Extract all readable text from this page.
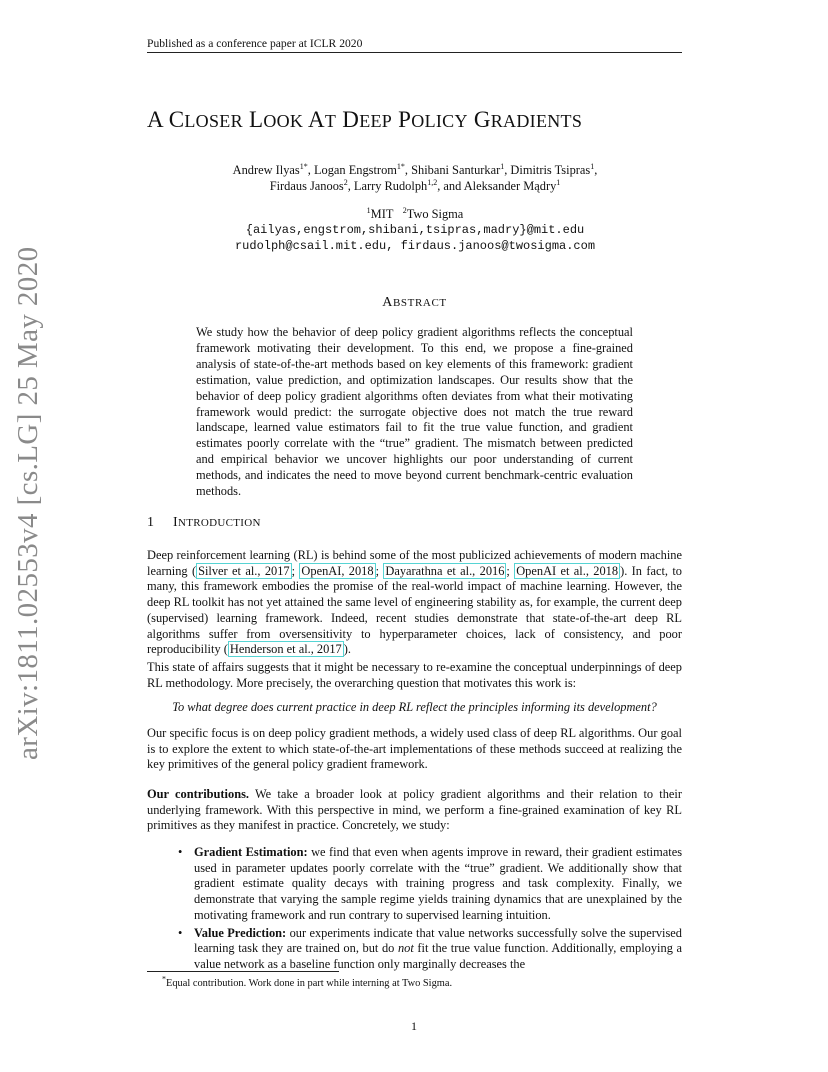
Published as a conference paper at ICLR 2020
arXiv:1811.02553v4 [cs.LG] 25 May 2020
A CLOSER LOOK AT DEEP POLICY GRADIENTS
Andrew Ilyas$^{1*}$, Logan Engstrom$^{1*}$, Shibani Santurkar$^1$, Dimitris Tsipras$^1$,
Firdaus Janoos$^2$, Larry Rudolph$^{1,2}$, and Aleksander Mądry$^1$
$^1$MIT $^2$Two Sigma
{ailyas,engstrom,shibani,tsipras,madry}@mit.edu
rudolph@csail.mit.edu, firdaus.janoos@twosigma.com
ABSTRACT
We study how the behavior of deep policy gradient algorithms reflects the conceptual framework motivating their development. To this end, we propose a fine-grained analysis of state-of-the-art methods based on key elements of this framework: gradient estimation, value prediction, and optimization landscapes. Our results show that the behavior of deep policy gradient algorithms often deviates from what their motivating framework would predict: the surrogate objective does not match the true reward landscape, learned value estimators fail to fit the true value function, and gradient estimates poorly correlate with the “true” gradient. The mismatch between predicted and empirical behavior we uncover highlights our poor understanding of current methods, and indicates the need to move beyond current benchmark-centric evaluation methods.
1 INTRODUCTION
Deep reinforcement learning (RL) is behind some of the most publicized achievements of modern machine learning ( Silver et al., 2017 ; OpenAI, 2018 ; Dayarathna et al., 2016 ; OpenAI et al., 2018 ). In fact, to many, this framework embodies the promise of the real-world impact of machine learning. However, the deep RL toolkit has not yet attained the same level of engineering stability as, for example, the current deep (supervised) learning framework. Indeed, recent studies demonstrate that state-of-the-art deep RL algorithms suffer from oversensitivity to hyperparameter choices, lack of consistency, and poor reproducibility ( Henderson et al., 2017 ).
This state of affairs suggests that it might be necessary to re-examine the conceptual underpinnings of deep RL methodology. More precisely, the overarching question that motivates this work is:
To what degree does current practice in deep RL reflect the principles informing its development?
Our specific focus is on deep policy gradient methods, a widely used class of deep RL algorithms. Our goal is to explore the extent to which state-of-the-art implementations of these methods succeed at realizing the key primitives of the general policy gradient framework.
Our contributions. We take a broader look at policy gradient algorithms and their relation to their underlying framework. With this perspective in mind, we perform a fine-grained examination of key RL primitives as they manifest in practice. Concretely, we study:
• Gradient Estimation: we find that even when agents improve in reward, their gradient estimates used in parameter updates poorly correlate with the “true” gradient. We additionally show that gradient estimate quality decays with training progress and task complexity. Finally, we demonstrate that varying the sample regime yields training dynamics that are unexplained by the motivating framework and run contrary to supervised learning intuition.
• Value Prediction: our experiments indicate that value networks successfully solve the supervised learning task they are trained on, but do not fit the true value function. Additionally, employing a value network as a baseline function only marginally decreases the
*Equal contribution. Work done in part while interning at Two Sigma.
1
